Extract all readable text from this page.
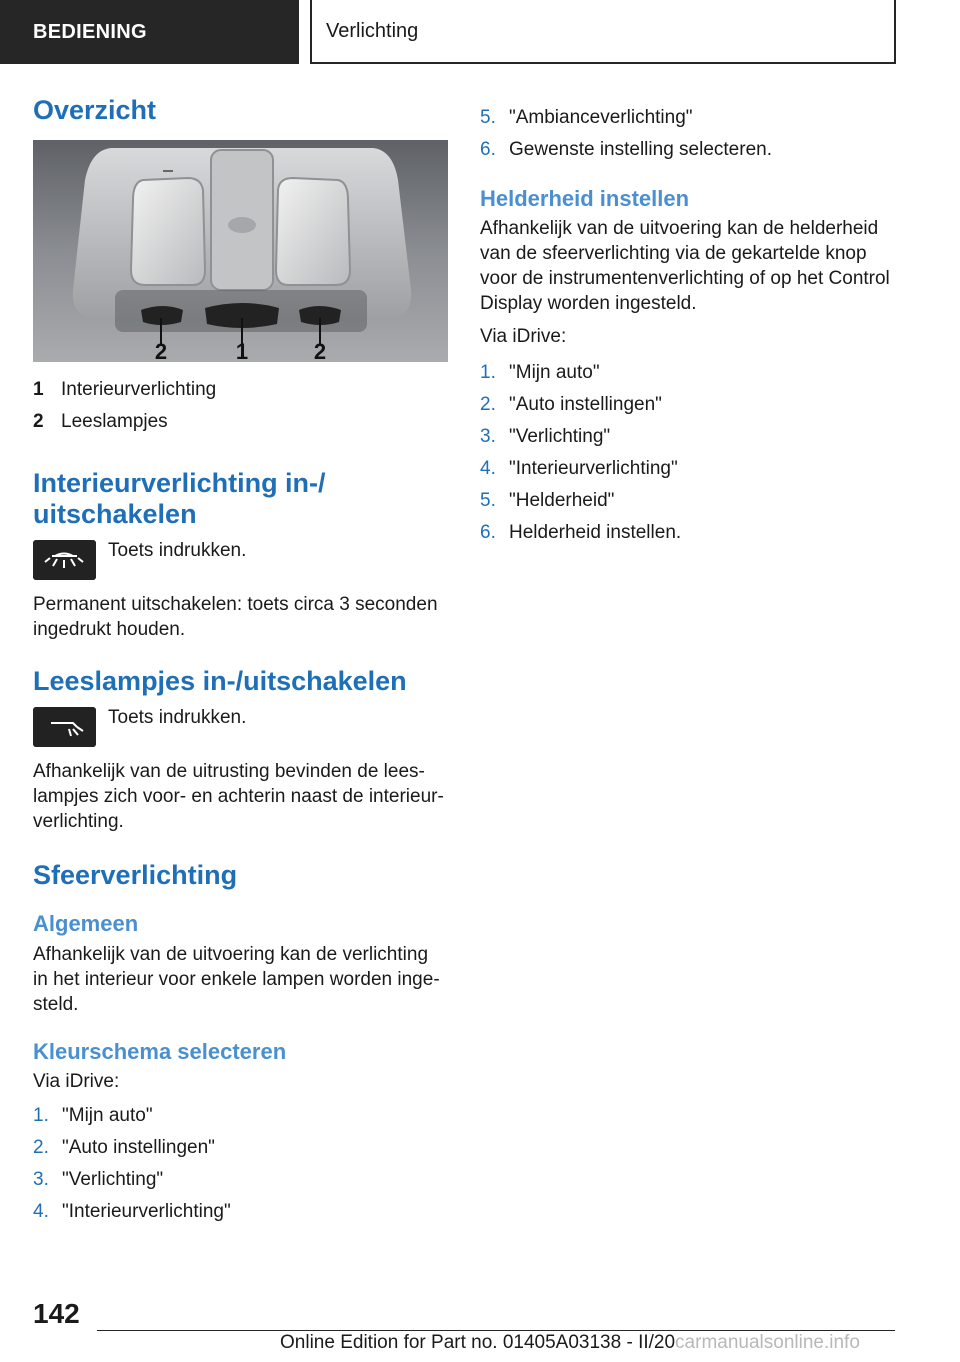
BEDIENING	Verlichting
Overzicht
2	1	2
1 Interieurverlichting
2 Leeslampjes
Interieurverlichting in-/
uitschakelen
Toets indrukken.

Permanent uitschakelen: toets circa 3 seconden ingedrukt houden.

Leeslampjes in-/uitschakelen
Toets indrukken.

Afhankelijk van de uitrusting bevinden de leeslampjes zich voor- en achterin naast de interieurverlichting.

Sfeerverlichting
Algemeen

Afhankelijk van de uitvoering kan de verlichting in het interieur voor enkele lampen worden ingesteld.

Kleurschema selecteren

Via iDrive:

1. "Mijn auto"
2. "Auto instellingen"
3. "Verlichting"
4. "Interieurverlichting"
5. "Ambianceverlichting"
6. Gewenste instelling selecteren.
Helderheid instellen

Afhankelijk van de uitvoering kan de helderheid van de sfeerverlichting via de gekartelde knop voor de instrumentenverlichting of op het Control Display worden ingesteld.

Via iDrive:

1. "Mijn auto"
2. "Auto instellingen"
3. "Verlichting"
4. "Interieurverlichting"
5. "Helderheid"
6. Helderheid instellen.
142
Online Edition for Part no. 01405A03138 - II/20carmanualsonline.info
